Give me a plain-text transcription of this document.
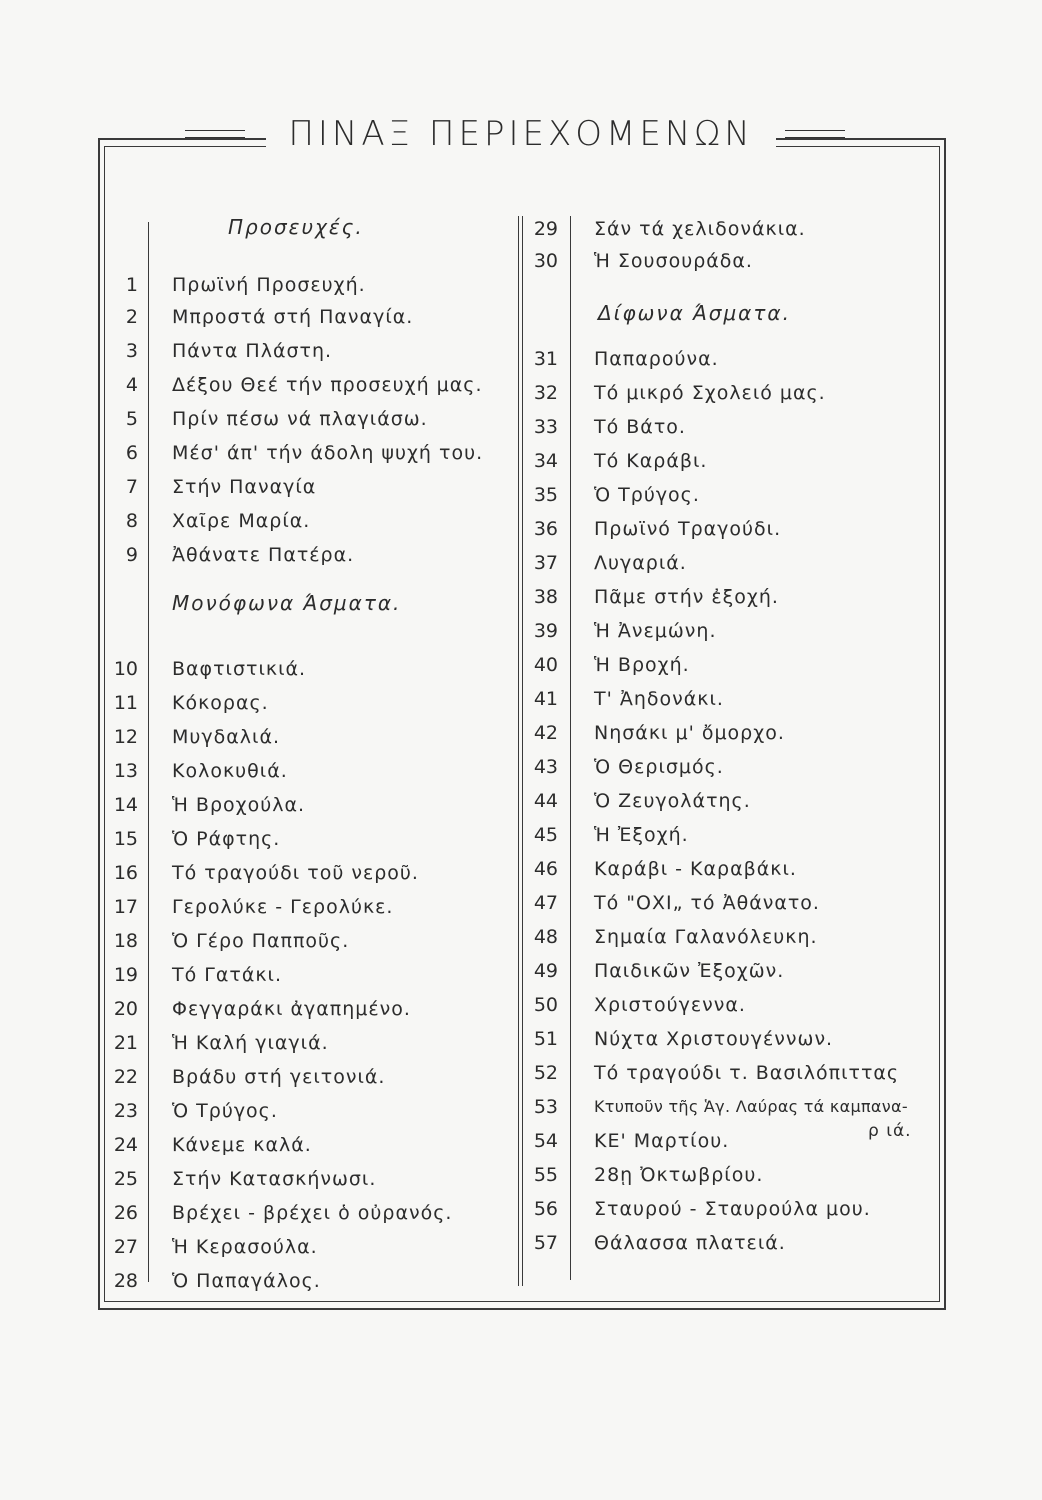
ΠΙΝΑΞ ΠΕΡΙΕΧΟΜΕΝΩΝ
Προσευχές.
Μονόφωνα Άσματα.
1 Πρωϊνή Προσευχή.
2 Μπροστά στή Παναγία.
3 Πάντα Πλάστη.
4 Δέξου Θεέ τήν προσευχή μας.
5 Πρίν πέσω νά πλαγιάσω.
6 Μέσ' άπ' τήν άδολη ψυχή του.
7 Στήν Παναγία
8 Χαῖρε Μαρία.
9 Ἀθάνατε Πατέρα.
10 Βαφτιστικιά.
11 Κόκορας.
12 Μυγδαλιά.
13 Κολοκυθιά.
14 Ἡ Βροχούλα.
15 Ὁ Ράφτης.
16 Τό τραγούδι τοῦ νεροῦ.
17 Γερολύκε - Γερολύκε.
18 Ὁ Γέρο Παπποῦς.
19 Τό Γατάκι.
20 Φεγγαράκι ἀγαπημένο.
21 Ἡ Καλή γιαγιά.
22 Βράδυ στή γειτονιά.
23 Ὁ Τρύγος.
24 Κάνεμε καλά.
25 Στήν Κατασκήνωσι.
26 Βρέχει - βρέχει ὁ οὐρανός.
27 Ἡ Κερασούλα.
28 Ὁ Παπαγάλος.
Δίφωνα Άσματα.
ρ ιά.
29 Σάν τά χελιδονάκια.
30 Ἡ Σουσουράδα.
31 Παπαρούνα.
32 Τό μικρό Σχολειό μας.
33 Τό Βάτο.
34 Τό Καράβι.
35 Ὁ Τρύγος.
36 Πρωϊνό Τραγούδι.
37 Λυγαριά.
38 Πᾶμε στήν ἐξοχή.
39 Ἡ Ἀνεμώνη.
40 Ἡ Βροχή.
41 Τ' Ἀηδονάκι.
42 Νησάκι μ' ὄμορχο.
43 Ὁ Θερισμός.
44 Ὁ Ζευγολάτης.
45 Ἡ Ἐξοχή.
46 Καράβι - Καραβάκι.
47 Τό "ΟΧΙ„ τό Ἀθάνατο.
48 Σημαία Γαλανόλευκη.
49 Παιδικῶν Ἐξοχῶν.
50 Χριστούγεννα.
51 Νύχτα Χριστουγέννων.
52 Τό τραγούδι τ. Βασιλόπιττας
53 Κτυποῦν τῆς Ἁγ. Λαύρας τά καμπανα-
54 ΚΕ' Μαρτίου.
55 28ῃ Ὀκτωβρίου.
56 Σταυρού - Σταυρούλα μου.
57 Θάλασσα πλατειά.
